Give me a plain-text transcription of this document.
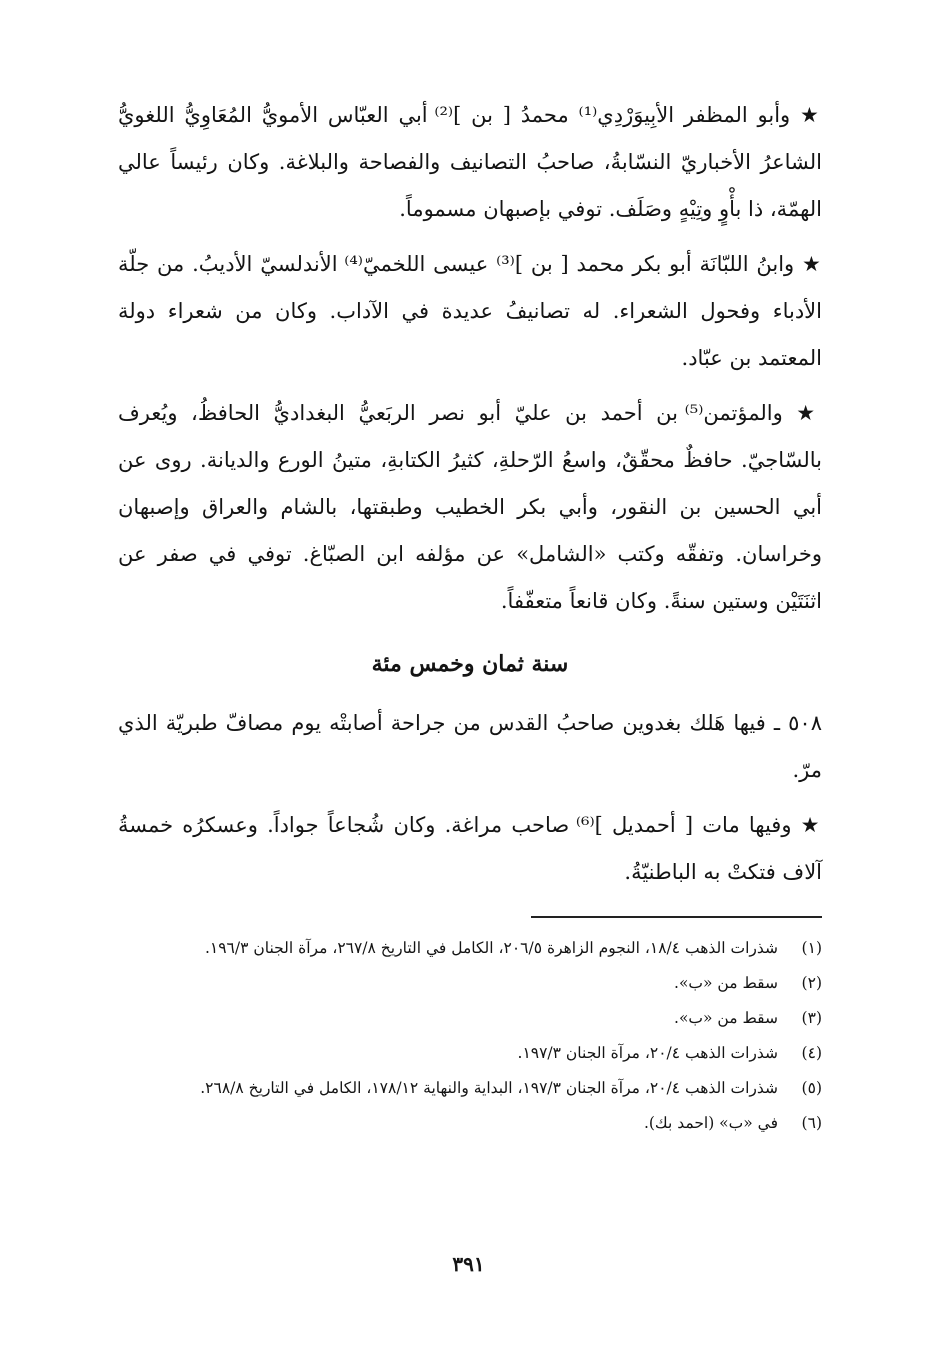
★ وأبو المظفر الأبِيوَرْدِي⁽¹⁾ محمدُ [ بن ]⁽²⁾ أبي العبّاس الأمويُّ المُعَاوِيُّ اللغويُّ الشاعرُ الأخباريّ النسّابةُ، صاحبُ التصانيف والفصاحة والبلاغة. وكان رئيساً عالي الهمّة، ذا بأْوٍ وتِيْهٍ وصَلَف. توفي بإصبهان مسموماً.

★ وابنُ اللبّانَة أبو بكر محمد [ بن ]⁽³⁾ عيسى اللخميّ⁽⁴⁾ الأندلسيّ الأديبُ. من جلّة الأدباء وفحول الشعراء. له تصانيفُ عديدة في الآداب. وكان من شعراء دولة المعتمد بن عبّاد.

★ والمؤتمن⁽⁵⁾ بن أحمد بن عليّ أبو نصر الربَعيُّ البغداديُّ الحافظُ، ويُعرف بالسّاجيّ. حافظٌ محقّقٌ، واسعُ الرّحلةِ، كثيرُ الكتابةِ، متينُ الورع والديانة. روى عن أبي الحسين بن النقور، وأبي بكر الخطيب وطبقتها، بالشام والعراق وإصبهان وخراسان. وتفقّه وكتب «الشامل» عن مؤلفه ابن الصبّاغ. توفي في صفر عن اثنَتَيْن وستين سنةً. وكان قانعاً متعفّفاً.

سنة ثمان وخمس مئة

٥٠٨ ـ فيها هَلك بغدوين صاحبُ القدس من جراحة أصابتْه يوم مصافّ طبريّة الذي مرّ.

★ وفيها مات [ أحمديل ]⁽⁶⁾ صاحب مراغة. وكان شُجاعاً جواداً. وعسكرُه خمسةُ آلاف فتكتْ به الباطنيّةُ.

(١)
شذرات الذهب ١٨/٤، النجوم الزاهرة ٢٠٦/٥، الكامل في التاريخ ٢٦٧/٨، مرآة الجنان ١٩٦/٣.
(٢)
سقط من «ب».
(٣)
سقط من «ب».
(٤)
شذرات الذهب ٢٠/٤، مرآة الجنان ١٩٧/٣.
(٥)
شذرات الذهب ٢٠/٤، مرآة الجنان ١٩٧/٣، البداية والنهاية ١٧٨/١٢، الكامل في التاريخ ٢٦٨/٨.
(٦)
في «ب» (احمد بك).
٣٩١
